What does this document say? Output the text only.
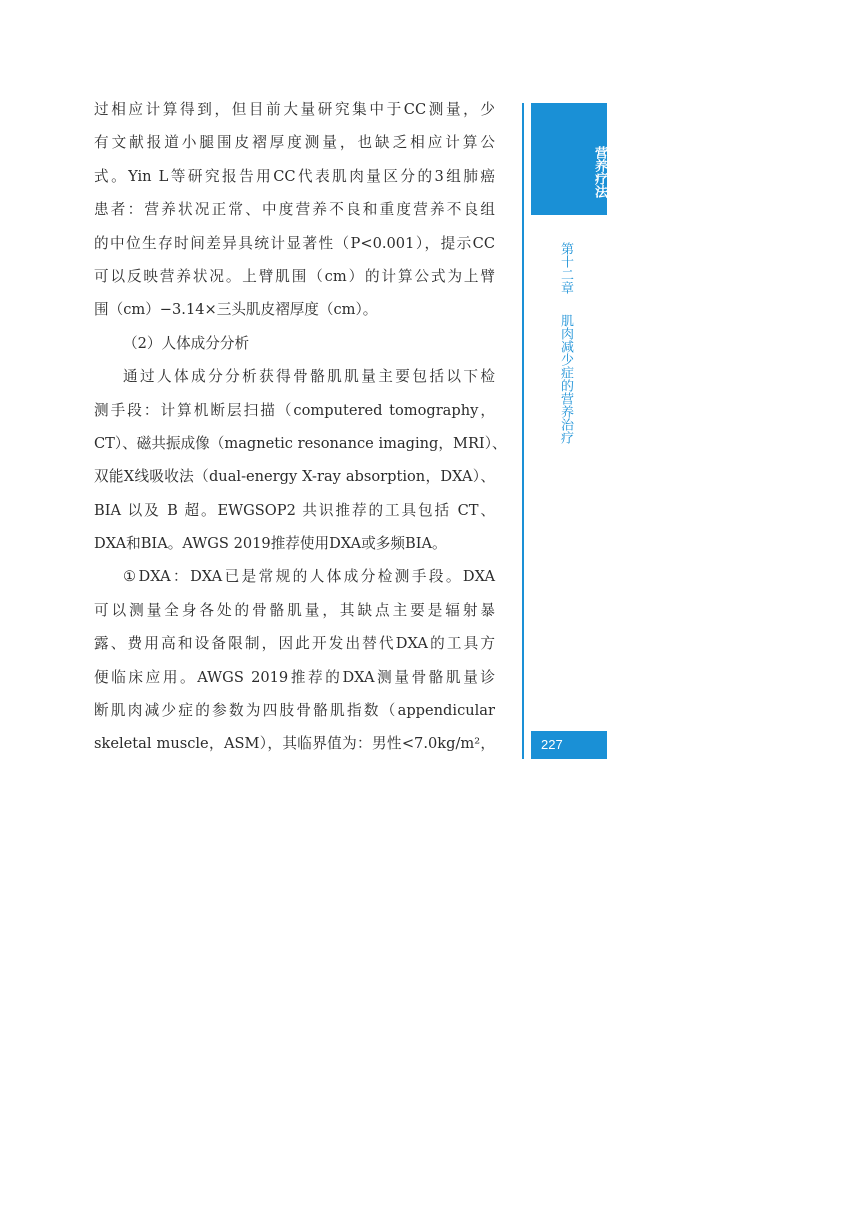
过相应计算得到，但目前大量研究集中于CC测量，少
有文献报道小腿围皮褶厚度测量，也缺乏相应计算公
式。Yin L等研究报告用CC代表肌肉量区分的3组肺癌
患者：营养状况正常、中度营养不良和重度营养不良组
的中位生存时间差异具统计显著性（P<0.001），提示CC
可以反映营养状况。上臂肌围（cm）的计算公式为上臂
围（cm）−3.14×三头肌皮褶厚度（cm）。
（2）人体成分分析
通过人体成分分析获得骨骼肌肌量主要包括以下检
测手段：计算机断层扫描（computered tomography，
CT）、磁共振成像（magnetic resonance imaging，MRI）、
双能X线吸收法（dual-energy X-ray absorption，DXA）、
BIA 以及 B 超。EWGSOP2 共识推荐的工具包括 CT、
DXA和BIA。AWGS 2019推荐使用DXA或多频BIA。
①DXA：DXA已是常规的人体成分检测手段。DXA
可以测量全身各处的骨骼肌量，其缺点主要是辐射暴
露、费用高和设备限制，因此开发出替代DXA的工具方
便临床应用。AWGS 2019推荐的DXA测量骨骼肌量诊
断肌肉减少症的参数为四肢骨骼肌指数（appendicular
skeletal muscle，ASM），其临界值为：男性<7.0kg/m²，
营养疗法
第十二章肌肉减少症的营养治疗
227
